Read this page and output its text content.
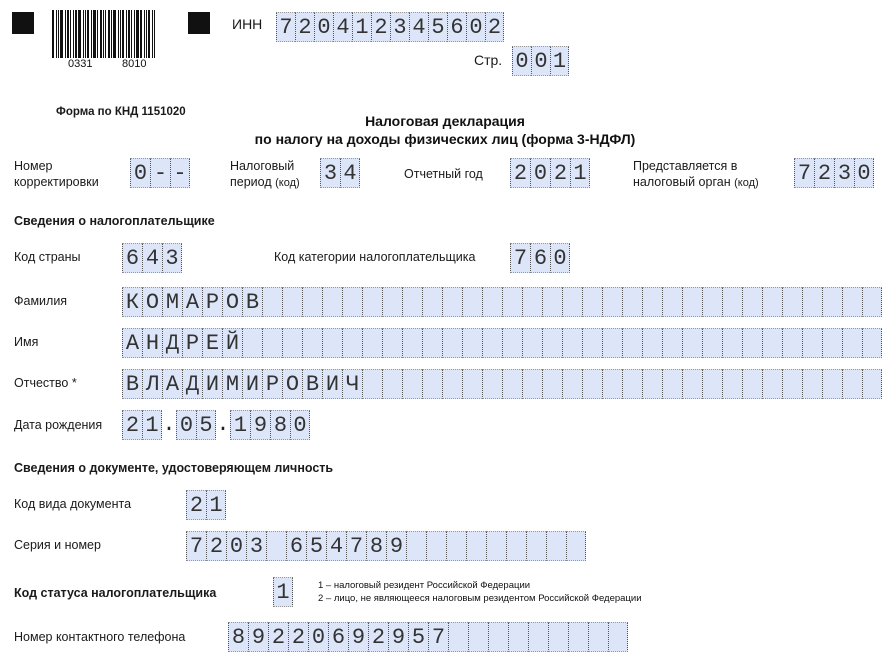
0331	8010
ИНН 7 2 0 4 1 2 3 4 5 6 0 2
Стр. 0 0 1
Форма по КНД 1151020
Налоговая декларация
по налогу на доходы физических лиц (форма 3-НДФЛ)
Номер
корректировки 0 - -	Налоговый
период (код) 3 4	Отчетный год 2 0 2 1	Представляется в
налоговый орган (код) 7 2 3 0
Сведения о налогоплательщике
Код страны 6 4 3	Код категории налогоплательщика 7 6 0
Фамилия	К О М А Р О В
Имя	А Н Д Р Е Й
Отчество * В Л А Д И М И Р О В И Ч
Дата рождения 2 1 . 0 5 . 1 9 8 0
Сведения о документе, удостоверяющем личность
Код вида документа	2 1
Серия и номер	7 2 0 3 6 5 4 7 8 9
Код статуса налогоплательщика	1	1 – налоговый резидент Российской Федерации
2 – лицо, не являющееся налоговым резидентом Российской Федерации
Номер контактного телефона 8 9 2 2 0 6 9 2 9 5 7
